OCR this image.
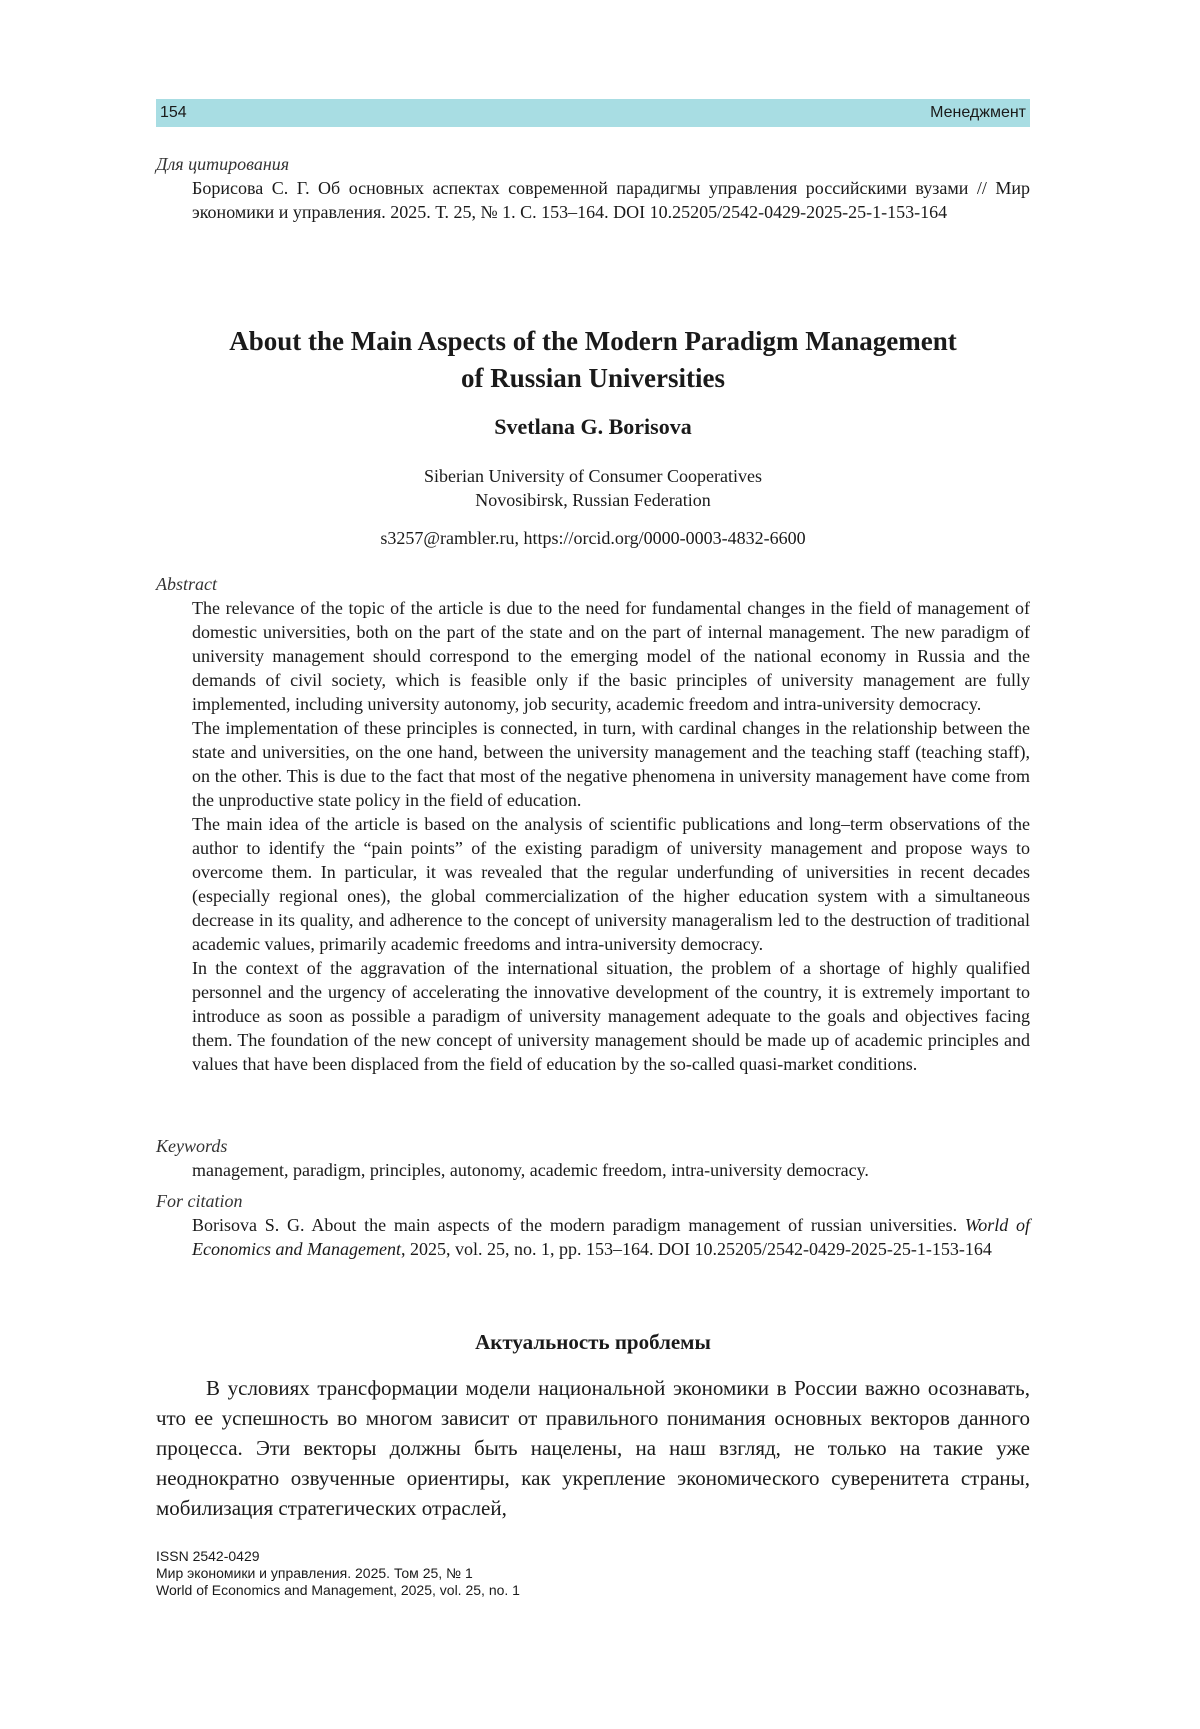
154	Менеджмент
Для цитирования
Борисова С. Г. Об основных аспектах современной парадигмы управления российскими вузами // Мир экономики и управления. 2025. Т. 25, № 1. С. 153–164. DOI 10.25205/2542-0429-2025-25-1-153-164
About the Main Aspects of the Modern Paradigm Management
of Russian Universities
Svetlana G. Borisova
Siberian University of Consumer Cooperatives
Novosibirsk, Russian Federation
s3257@rambler.ru, https://orcid.org/0000-0003-4832-6600
Abstract

The relevance of the topic of the article is due to the need for fundamental changes in the field of management of domestic universities, both on the part of the state and on the part of internal management. The new paradigm of university management should correspond to the emerging model of the national economy in Russia and the demands of civil society, which is feasible only if the basic principles of university management are fully implemented, including university autonomy, job security, academic freedom and intra-university democracy.

The implementation of these principles is connected, in turn, with cardinal changes in the relationship between the state and universities, on the one hand, between the university management and the teaching staff (teaching staff), on the other. This is due to the fact that most of the negative phenomena in university management have come from the unproductive state policy in the field of education.

The main idea of the article is based on the analysis of scientific publications and long–term observations of the author to identify the “pain points” of the existing paradigm of university management and propose ways to overcome them. In particular, it was revealed that the regular underfunding of universities in recent decades (especially regional ones), the global commercialization of the higher education system with a simultaneous decrease in its quality, and adherence to the concept of university manageralism led to the destruction of traditional academic values, primarily academic freedoms and intra-university democracy.

In the context of the aggravation of the international situation, the problem of a shortage of highly qualified personnel and the urgency of accelerating the innovative development of the country, it is extremely important to introduce as soon as possible a paradigm of university management adequate to the goals and objectives facing them. The foundation of the new concept of university management should be made up of academic principles and values that have been displaced from the field of education by the so-called quasi-market conditions.

Keywords
management, paradigm, principles, autonomy, academic freedom, intra-university democracy.
For citation
Borisova S. G. About the main aspects of the modern paradigm management of russian universities. World of Economics and Management, 2025, vol. 25, no. 1, pp. 153–164. DOI 10.25205/2542-0429-2025-25-1-153-164
Актуальность проблемы

В условиях трансформации модели национальной экономики в России важно осознавать, что ее успешность во многом зависит от правильного понимания основных векторов данного процесса. Эти векторы должны быть нацелены, на наш взгляд, не только на такие уже неоднократно озвученные ориентиры, как укрепление экономического суверенитета страны, мобилизация стратегических отраслей,

ISSN 2542-0429
Мир экономики и управления. 2025. Том 25, № 1
World of Economics and Management, 2025, vol. 25, no. 1
